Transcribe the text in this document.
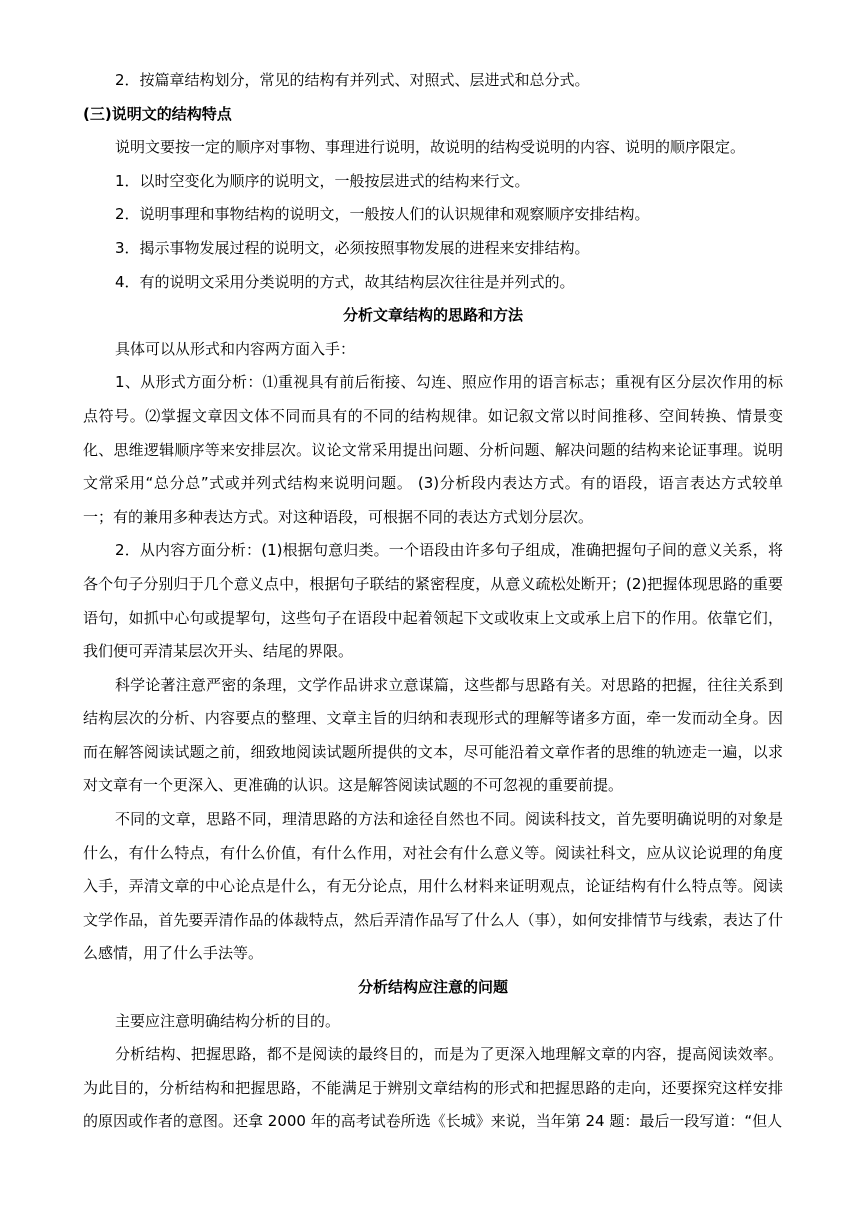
2．按篇章结构划分，常见的结构有并列式、对照式、层进式和总分式。

(三)说明文的结构特点

说明文要按一定的顺序对事物、事理进行说明，故说明的结构受说明的内容、说明的顺序限定。

1．以时空变化为顺序的说明文，一般按层进式的结构来行文。

2．说明事理和事物结构的说明文，一般按人们的认识规律和观察顺序安排结构。

3．揭示事物发展过程的说明文，必须按照事物发展的进程来安排结构。

4．有的说明文采用分类说明的方式，故其结构层次往往是并列式的。

分析文章结构的思路和方法

具体可以从形式和内容两方面入手：

1、从形式方面分析：⑴重视具有前后衔接、勾连、照应作用的语言标志；重视有区分层次作用的标点符号。⑵掌握文章因文体不同而具有的不同的结构规律。如记叙文常以时间推移、空间转换、情景变化、思维逻辑顺序等来安排层次。议论文常采用提出问题、分析问题、解决问题的结构来论证事理。说明文常采用“总分总”式或并列式结构来说明问题。 (3)分析段内表达方式。有的语段，语言表达方式较单一；有的兼用多种表达方式。对这种语段，可根据不同的表达方式划分层次。

2．从内容方面分析：(1)根据句意归类。一个语段由许多句子组成，准确把握句子间的意义关系，将各个句子分别归于几个意义点中，根据句子联结的紧密程度，从意义疏松处断开；(2)把握体现思路的重要语句，如抓中心句或提挈句，这些句子在语段中起着领起下文或收束上文或承上启下的作用。依靠它们，我们便可弄清某层次开头、结尾的界限。

科学论著注意严密的条理，文学作品讲求立意谋篇，这些都与思路有关。对思路的把握，往往关系到结构层次的分析、内容要点的整理、文章主旨的归纳和表现形式的理解等诸多方面，牵一发而动全身。因而在解答阅读试题之前，细致地阅读试题所提供的文本，尽可能沿着文章作者的思维的轨迹走一遍，以求对文章有一个更深入、更准确的认识。这是解答阅读试题的不可忽视的重要前提。

不同的文章，思路不同，理清思路的方法和途径自然也不同。阅读科技文，首先要明确说明的对象是什么，有什么特点，有什么价值，有什么作用，对社会有什么意义等。阅读社科文，应从议论说理的角度入手，弄清文章的中心论点是什么，有无分论点，用什么材料来证明观点，论证结构有什么特点等。阅读文学作品，首先要弄清作品的体裁特点，然后弄清作品写了什么人（事），如何安排情节与线索，表达了什么感情，用了什么手法等。

分析结构应注意的问题

主要应注意明确结构分析的目的。

分析结构、把握思路，都不是阅读的最终目的，而是为了更深入地理解文章的内容，提高阅读效率。为此目的，分析结构和把握思路，不能满足于辨别文章结构的形式和把握思路的走向，还要探究这样安排的原因或作者的意图。还拿 2000 年的高考试卷所选《长城》来说，当年第 24 题：最后一段写道：“但人
